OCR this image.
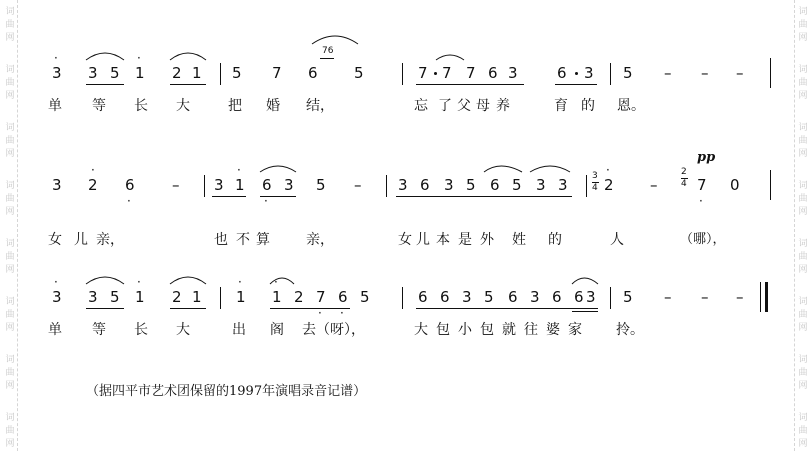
词
曲
网
词
曲
网
词
曲
网
词
曲
网
词
曲
网
词
曲
网
词
曲
网
词
曲
网
词
曲
网
词
曲
网
词
曲
网
词
曲
网
词
曲
网
词
曲
网
词
曲
网
词
曲
网
3 3 5 1 2 1 5 7 6 5	7 7 7 6 3	6 3 5 – – –
·	·	76
单 等 长 大	把 婚 结，	忘 了 父 母 养	育 的 恩。
3 2 6 – 3 1 6 3 5 – 3 6 3 5 6 5 3 3 2 –	7 0
·	·
·	·
·
·
3
4
2
4
pp
女 儿 亲，	也 不 算	亲，	女 儿 本 是 外 姓 的	人	（哪），
3 3 5 1 2 1 1 1 2 7 6 5	6 6 3 5 6 3 6 6 3 5 – – –
·	·	·	·
· ·
单 等 长 大	出 阁 去（呀），	大 包 小 包 就 往 婆 家 拎。
（据四平市艺术团保留的1997年演唱录音记谱）
